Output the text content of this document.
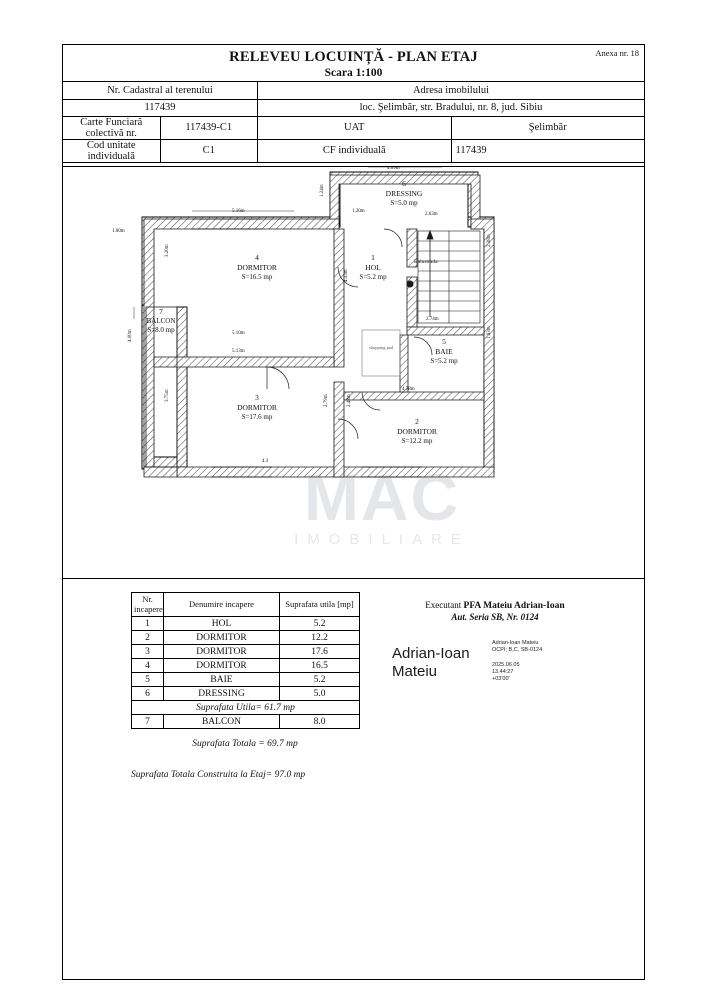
RELEVEU LOCUINȚĂ - PLAN ETAJ
Scara 1:100
Anexa nr. 18
Nr. Cadastral al terenului		Adresa imobilului	
117439		loc. Şelimbăr, str. Bradului, nr. 8, jud. Sibiu	
Carte Funciară colectivă nr.	117439-C1	UAT	Şelimbăr
Cod unitate individuală	C1	CF individuală	117439
6
DRESSING
S=5.0 mp
4
DORMITOR
S=16.5 mp
1
HOL
S=5.2 mp
7
BALCON
S=8.0 mp
5
BAIE
S=5.2 mp
3
DORMITOR
S=17.6 mp	2
DORMITOR
S=12.2 mp
Balustrada
shopping pad
4.09m
1.24m
5.16m	1.20m
2.63m
1.00m
3.20m
4.33m
2.38m
2.74m
1.93m
5.10m
4.00m
5.13m
3.75m	2.79m	2.48m
4.78m
4.3 MAC
IMOBILIARE
Nr. incapere	Denumire incapere	Suprafata utila [mp]
1	HOL	5.2
2	DORMITOR	12.2
3	DORMITOR	17.6
4	DORMITOR	16.5
5	BAIE	5.2
6	DRESSING	5.0
Suprafata Utila= 61.7 mp		
7	BALCON	8.0
Suprafata Totala = 69.7 mp
Suprafata Totala Construita la Etaj= 97.0 mp
Executant PFA Mateiu Adrian-Ioan
Aut. Seria SB, Nr. 0124
Adrian-Ioan
Mateiu
Adrian-Ioan Mateiu
OCPI; B,C, SB-0124
2025.06.05
13.44:27
+03'00'
